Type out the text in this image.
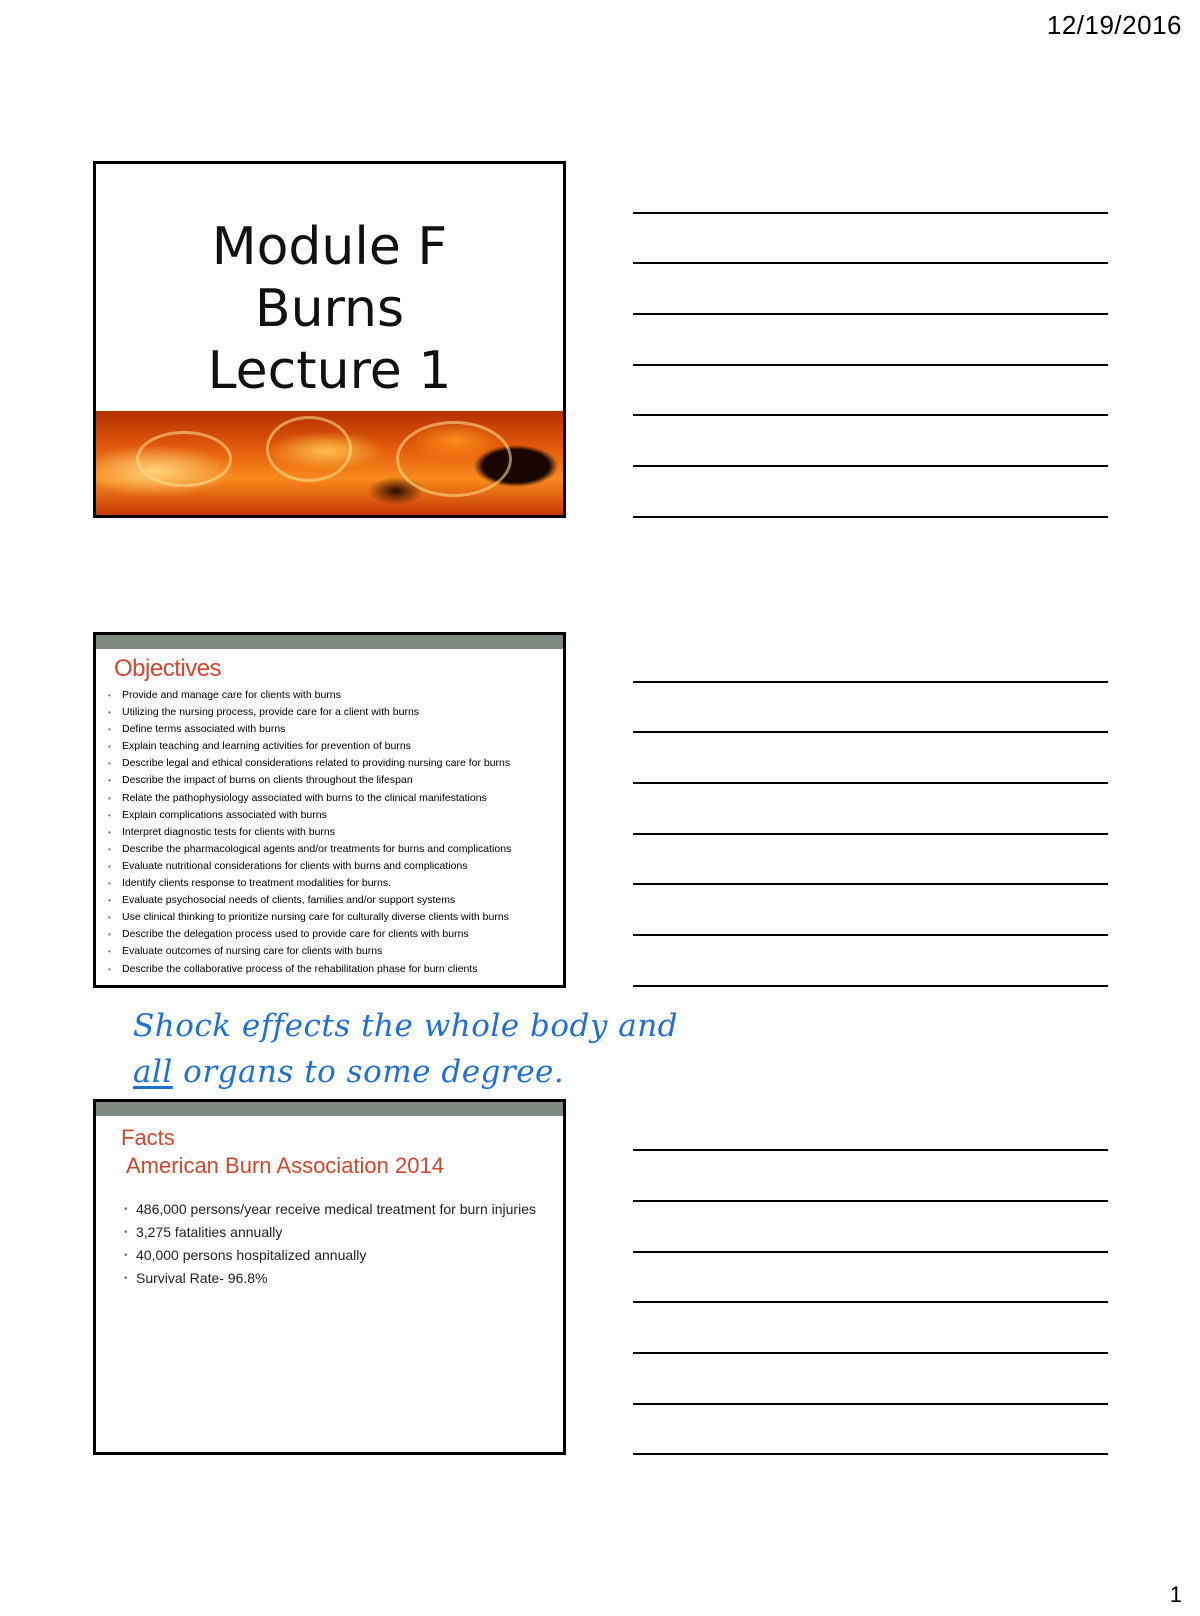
12/19/2016
Module F
Burns
Lecture 1
Objectives
• Provide and manage care for clients with burns
• Utilizing the nursing process, provide care for a client with burns
• Define terms associated with burns
• Explain teaching and learning activities for prevention of burns
• Describe legal and ethical considerations related to providing nursing care for burns
• Describe the impact of burns on clients throughout the lifespan
• Relate the pathophysiology associated with burns to the clinical manifestations
• Explain complications associated with burns
• Interpret diagnostic tests for clients with burns
• Describe the pharmacological agents and/or treatments for burns and complications
• Evaluate nutritional considerations for clients with burns and complications
• Identify clients response to treatment modalities for burns.
• Evaluate psychosocial needs of clients, families and/or support systems
• Use clinical thinking to prioritize nursing care for culturally diverse clients with burns
• Describe the delegation process used to provide care for clients with burns
• Evaluate outcomes of nursing care for clients with burns
• Describe the collaborative process of the rehabilitation phase for burn clients
Shock effects the whole body and
all organs to some degree.
Facts
American Burn Association 2014
• 486,000 persons/year receive medical treatment for burn injuries
• 3,275 fatalities annually
• 40,000 persons hospitalized annually
• Survival Rate- 96.8%
1
